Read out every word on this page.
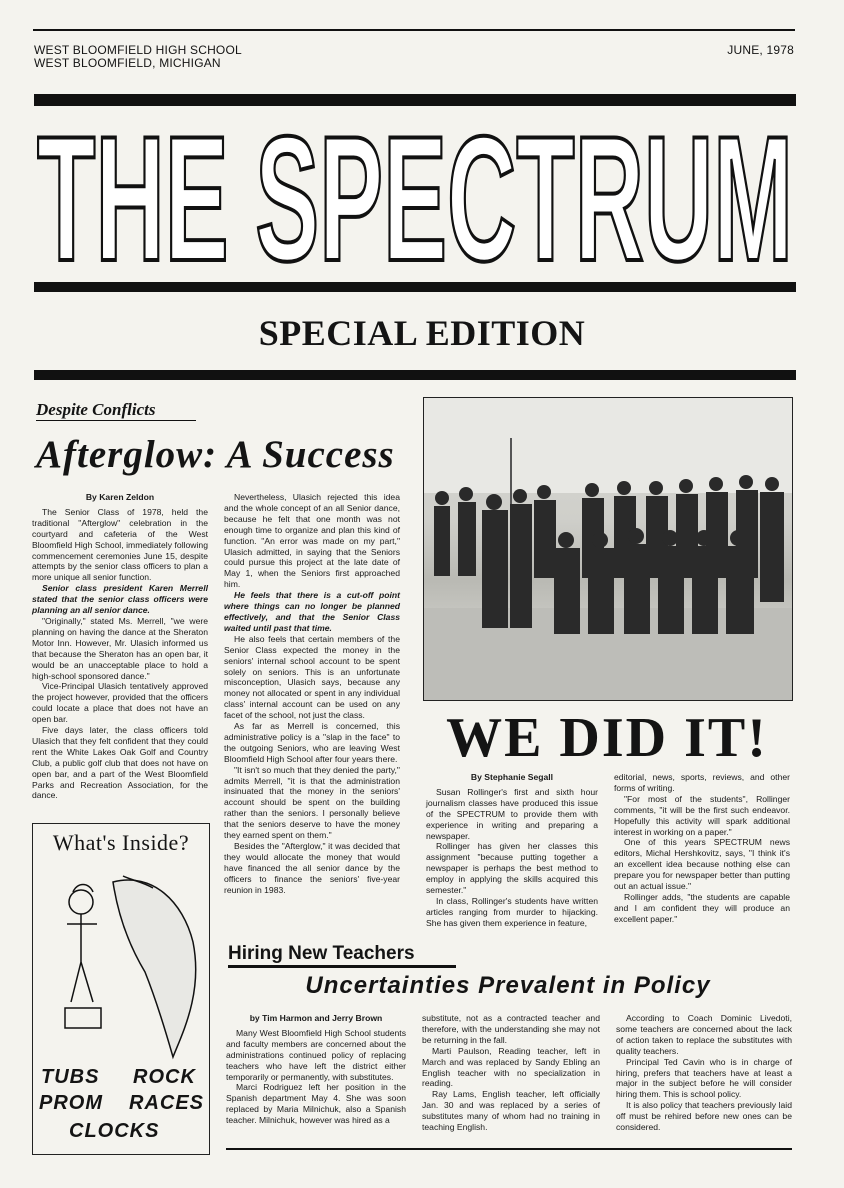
WEST BLOOMFIELD HIGH SCHOOL
WEST BLOOMFIELD, MICHIGAN
JUNE, 1978
THE SPECTRUM
SPECIAL EDITION
Despite Conflicts
Afterglow: A Success
By Karen Zeldon

The Senior Class of 1978, held the traditional "Afterglow" celebration in the courtyard and cafeteria of the West Bloomfield High School, immediately following commencement ceremonies June 15, despite attempts by the senior class officers to plan a more unique all senior function.

Senior class president Karen Merrell stated that the senior class officers were planning an all senior dance.

"Originally," stated Ms. Merrell, "we were planning on having the dance at the Sheraton Motor Inn. However, Mr. Ulasich informed us that because the Sheraton has an open bar, it would be an unacceptable place to hold a high-school sponsored dance."

Vice-Principal Ulasich tentatively approved the project however, provided that the officers could locate a place that does not have an open bar.

Five days later, the class officers told Ulasich that they felt confident that they could rent the White Lakes Oak Golf and Country Club, a public golf club that does not have on open bar, and a part of the West Bloomfield Parks and Recreation Association, for the dance.

Nevertheless, Ulasich rejected this idea and the whole concept of an all Senior dance, because he felt that one month was not enough time to organize and plan this kind of function. "An error was made on my part," Ulasich admitted, in saying that the Seniors could pursue this project at the late date of May 1, when the Seniors first approached him.

He feels that there is a cut-off point where things can no longer be planned effectively, and that the Senior Class waited until past that time.

He also feels that certain members of the Senior Class expected the money in the seniors' internal school account to be spent solely on seniors. This is an unfortunate misconception, Ulasich says, because any money not allocated or spent in any individual class' internal account can be used on any facet of the school, not just the class.

As far as Merrell is concerned, this administrative policy is a "slap in the face" to the outgoing Seniors, who are leaving West Bloomfield High School after four years there.

"It isn't so much that they denied the party," admits Merrell, "it is that the administration insinuated that the money in the seniors' account should be spent on the building rather than the seniors. I personally believe that the seniors deserve to have the money they earned spent on them."

Besides the "Afterglow," it was decided that they would allocate the money that would have financed the all senior dance by the officers to finance the seniors' five-year reunion in 1983.

WE DID IT!
By Stephanie Segall

Susan Rollinger's first and sixth hour journalism classes have produced this issue of the SPECTRUM to provide them with experience in writing and preparing a newspaper.

Rollinger has given her classes this assignment "because putting together a newspaper is perhaps the best method to employ in applying the skills acquired this semester."

In class, Rollinger's students have written articles ranging from murder to hijacking. She has given them experience in feature,

editorial, news, sports, reviews, and other forms of writing.

"For most of the students", Rollinger comments, "it will be the first such endeavor. Hopefully this activity will spark additional interest in working on a paper."

One of this years SPECTRUM news editors, Michal Hershkovitz, says, "I think it's an excellent idea because nothing else can prepare you for newspaper better than putting out an actual issue."

Rollinger adds, "the students are capable and I am confident they will produce an excellent paper."

What's Inside?
TUBS ROCK
PROM RACES
CLOCKS
Hiring New Teachers
Uncertainties Prevalent in Policy
by Tim Harmon and Jerry Brown

Many West Bloomfield High School students and faculty members are concerned about the administrations continued policy of replacing teachers who have left the district either temporarily or permanently, with substitutes.

Marci Rodriguez left her position in the Spanish department May 4. She was soon replaced by Maria Milnichuk, also a Spanish teacher. Milnichuk, however was hired as a

substitute, not as a contracted teacher and therefore, with the understanding she may not be returning in the fall.

Marti Paulson, Reading teacher, left in March and was replaced by Sandy Ebling an English teacher with no specialization in reading.

Ray Lams, English teacher, left officially Jan. 30 and was replaced by a series of substitutes many of whom had no training in teaching English.

According to Coach Dominic Livedoti, some teachers are concerned about the lack of action taken to replace the substitutes with quality teachers.

Principal Ted Cavin who is in charge of hiring, prefers that teachers have at least a major in the subject before he will consider hiring them. This is school policy.

It is also policy that teachers previously laid off must be rehired before new ones can be considered.
